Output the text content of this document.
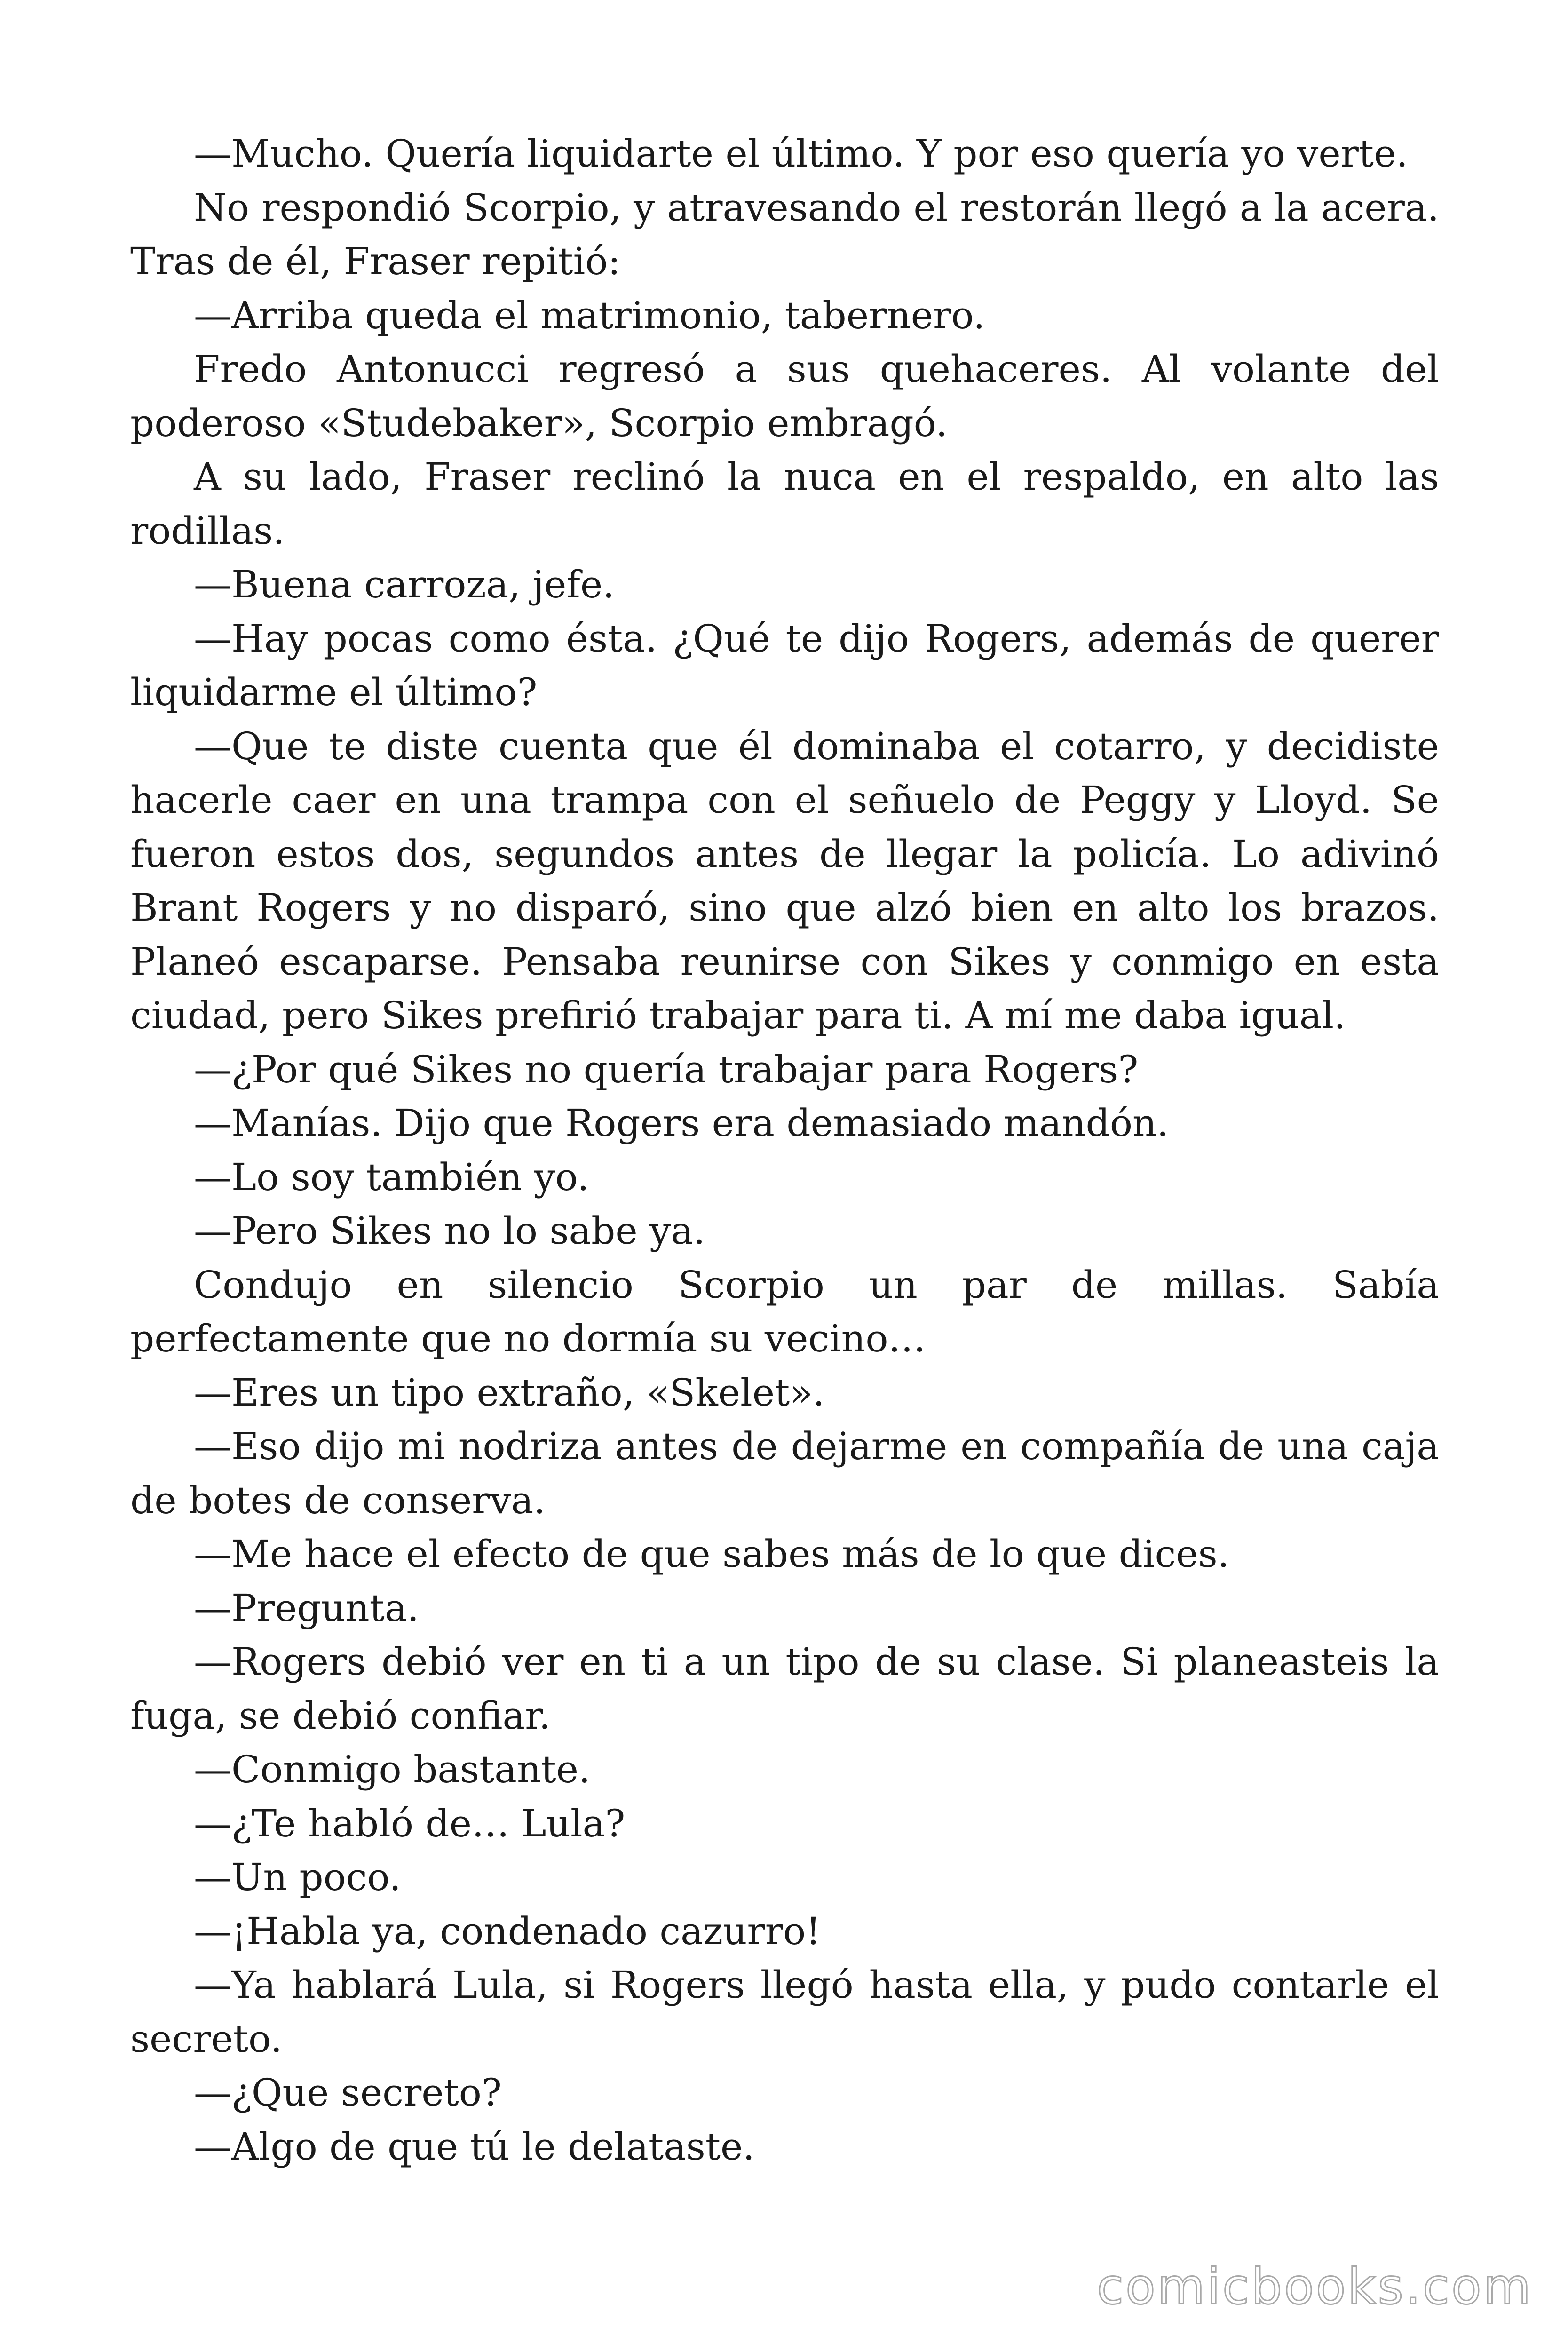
—Mucho. Quería liquidarte el último. Y por eso quería yo verte.

No respondió Scorpio, y atravesando el restorán llegó a la acera. Tras de él, Fraser repitió:

—Arriba queda el matrimonio, tabernero.

Fredo Antonucci regresó a sus quehaceres. Al volante del poderoso «Studebaker», Scorpio embragó.

A su lado, Fraser reclinó la nuca en el respaldo, en alto las rodillas.

—Buena carroza, jefe.

—Hay pocas como ésta. ¿Qué te dijo Rogers, además de querer liquidarme el último?

—Que te diste cuenta que él dominaba el cotarro, y decidiste hacerle caer en una trampa con el señuelo de Peggy y Lloyd. Se fueron estos dos, segundos antes de llegar la policía. Lo adivinó Brant Rogers y no disparó, sino que alzó bien en alto los brazos. Planeó escaparse. Pensaba reunirse con Sikes y conmigo en esta ciudad, pero Sikes prefirió trabajar para ti. A mí me daba igual.

—¿Por qué Sikes no quería trabajar para Rogers?

—Manías. Dijo que Rogers era demasiado mandón.

—Lo soy también yo.

—Pero Sikes no lo sabe ya.

Condujo en silencio Scorpio un par de millas. Sabía perfectamente que no dormía su vecino…

—Eres un tipo extraño, «Skelet».

—Eso dijo mi nodriza antes de dejarme en compañía de una caja de botes de conserva.

—Me hace el efecto de que sabes más de lo que dices.

—Pregunta.

—Rogers debió ver en ti a un tipo de su clase. Si planeasteis la fuga, se debió confiar.

—Conmigo bastante.

—¿Te habló de… Lula?

—Un poco.

—¡Habla ya, condenado cazurro!

—Ya hablará Lula, si Rogers llegó hasta ella, y pudo contarle el secreto.

—¿Que secreto?

—Algo de que tú le delataste.

comicbooks.com
